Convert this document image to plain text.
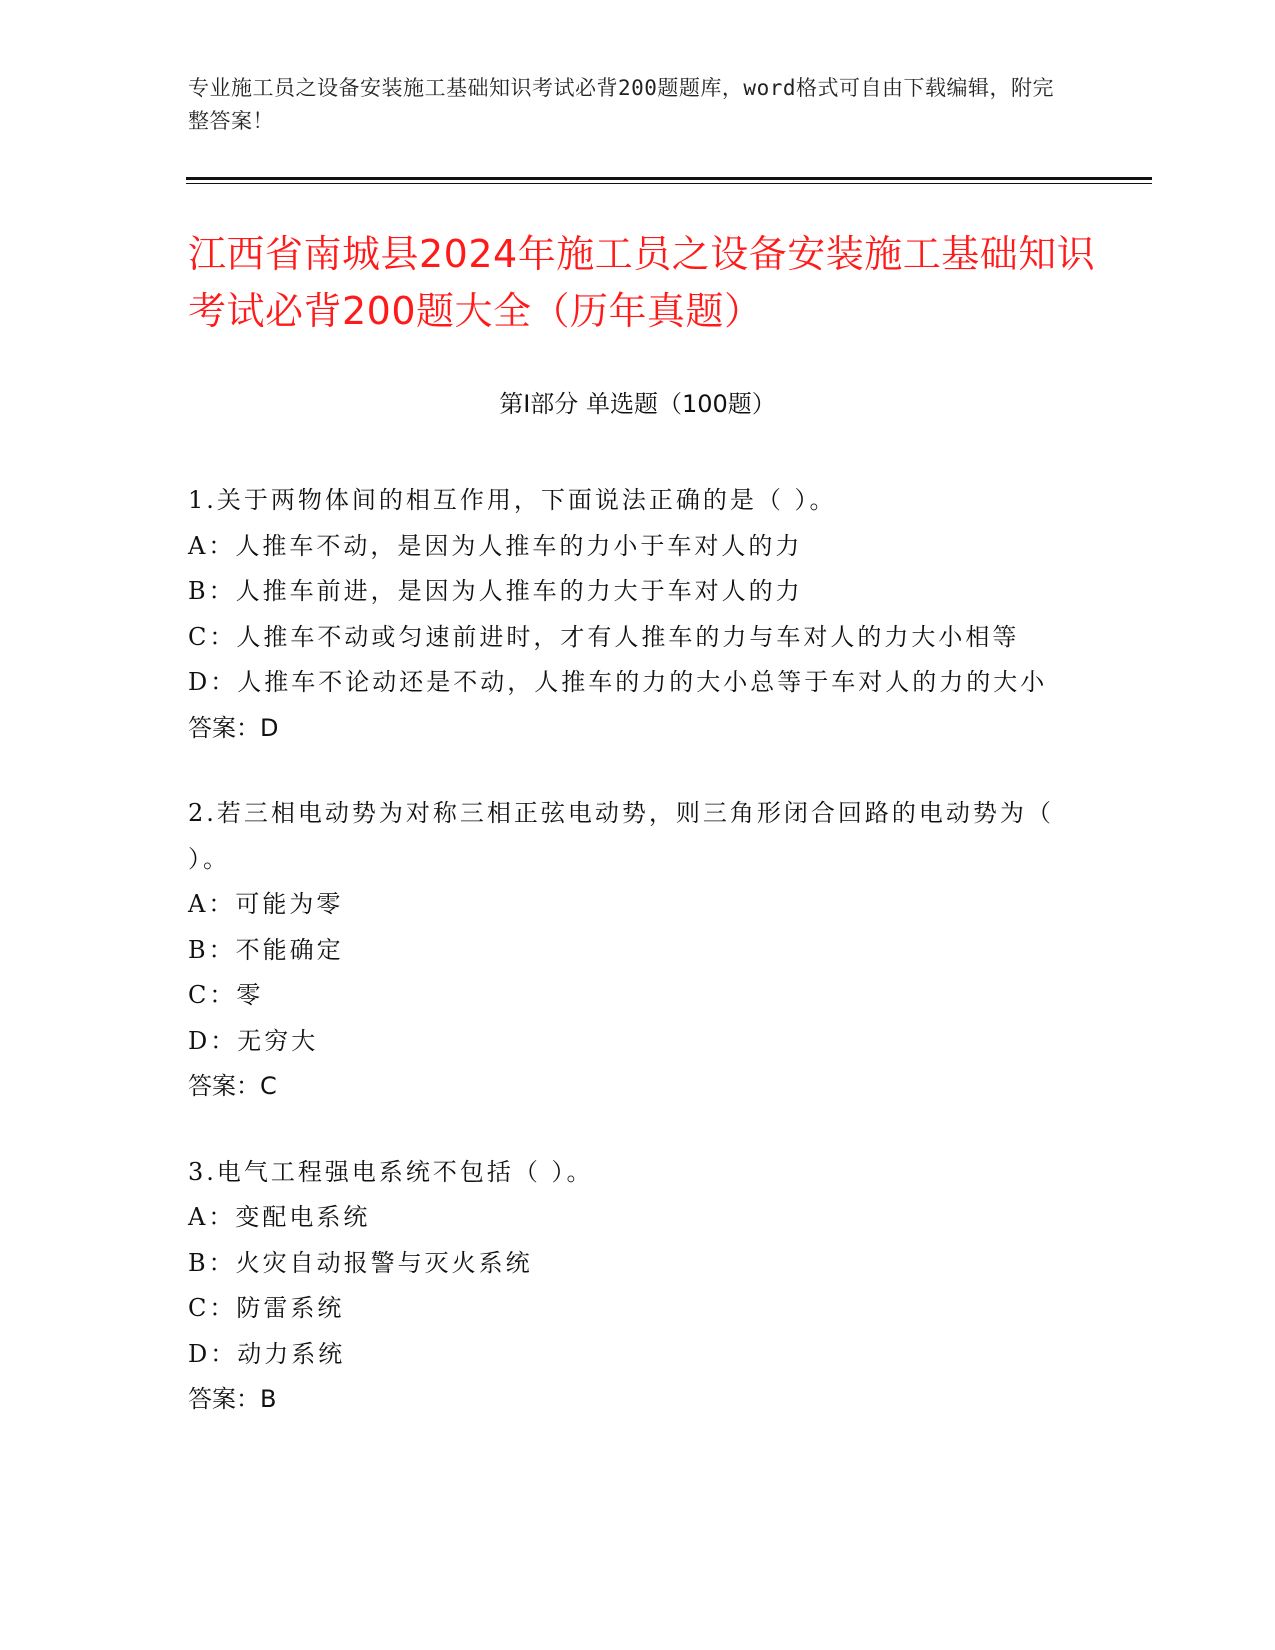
专业施工员之设备安装施工基础知识考试必背200题题库，word格式可自由下载编辑，附完整答案！
江西省南城县2024年施工员之设备安装施工基础知识考试必背200题大全（历年真题）
第Ⅰ部分 单选题（100题）

1.关于两物体间的相互作用，下面说法正确的是（ ）。

A：人推车不动，是因为人推车的力小于车对人的力

B：人推车前进，是因为人推车的力大于车对人的力

C：人推车不动或匀速前进时，才有人推车的力与车对人的力大小相等

D：人推车不论动还是不动，人推车的力的大小总等于车对人的力的大小

答案：D

2.若三相电动势为对称三相正弦电动势，则三角形闭合回路的电动势为（ ）。

A：可能为零

B：不能确定

C：零

D：无穷大

答案：C

3.电气工程强电系统不包括（ ）。

A：变配电系统

B：火灾自动报警与灭火系统

C：防雷系统

D：动力系统

答案：B
